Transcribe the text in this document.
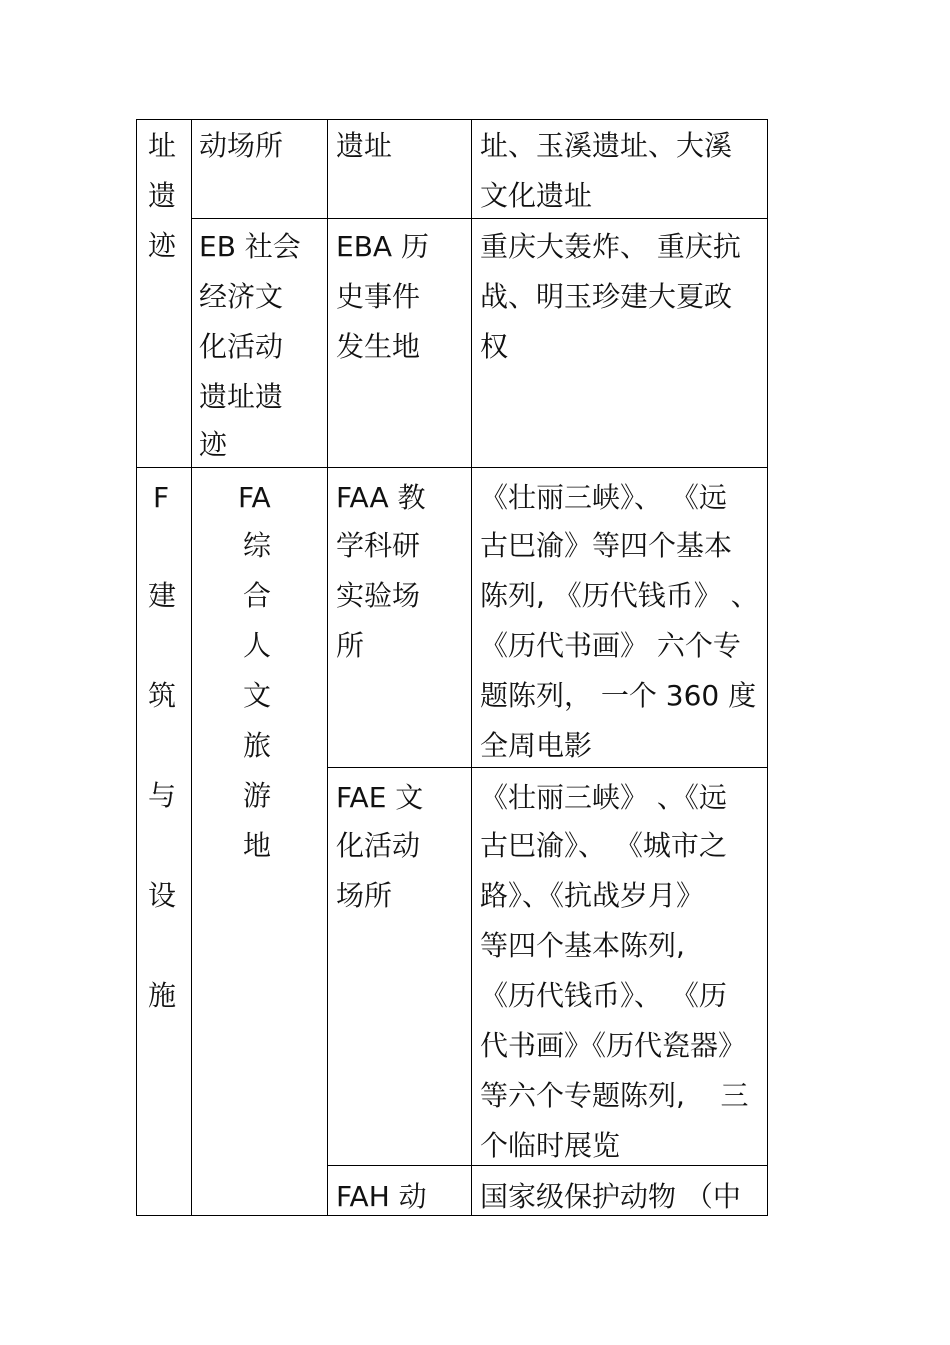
址
遗
迹
动场所 遗址	址、玉溪遗址、大溪
文化遗址
EB 社会
经济文
化活动
遗址遗
迹
EBA 历
史事件
发生地
重庆大轰炸、 重庆抗
战、明玉珍建大夏政
权
F
建
筑
与
设
施
FA
综
合
人
文
旅
游
地
FAA 教
学科研
实验场
所
《壮丽三峡》、 《远
古巴渝》等四个基本
陈列, 《历代钱币》 、
《历代书画》 六个专
题陈列， 一个 360 度
全周电影
FAE 文
化活动
场所
《壮丽三峡》 、《远
古巴渝》、 《城市之
路》、《抗战岁月》
等四个基本陈列,
《历代钱币》、 《历
代书画》《历代瓷器》
等六个专题陈列,    三
个临时展览
FAH 动 国家级保护动物 （中
